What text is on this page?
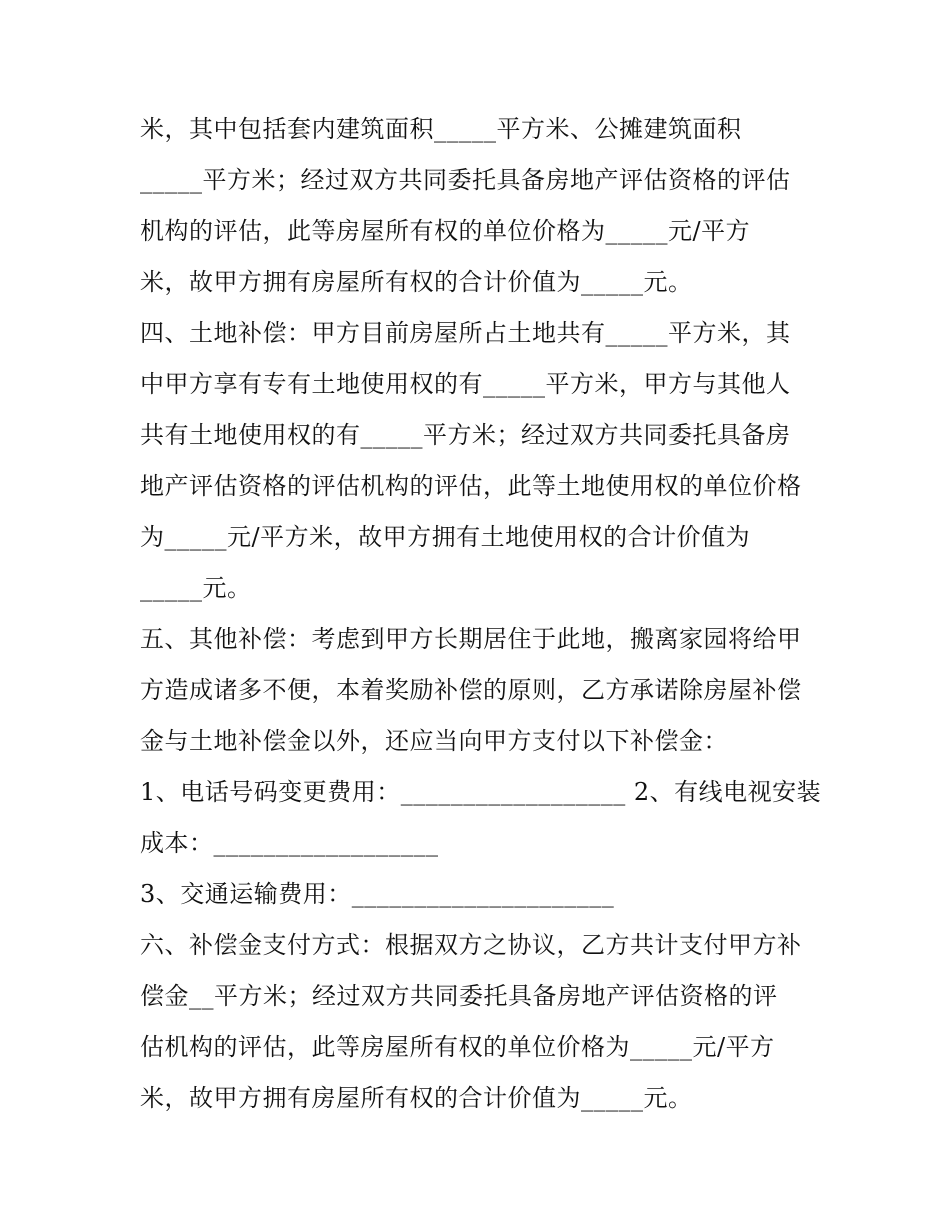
米，其中包括套内建筑面积_____平方米、公摊建筑面积
_____平方米；经过双方共同委托具备房地产评估资格的评估
机构的评估，此等房屋所有权的单位价格为_____元/平方
米，故甲方拥有房屋所有权的合计价值为_____元。
四、土地补偿：甲方目前房屋所占土地共有_____平方米，其
中甲方享有专有土地使用权的有_____平方米，甲方与其他人
共有土地使用权的有_____平方米；经过双方共同委托具备房
地产评估资格的评估机构的评估，此等土地使用权的单位价格
为_____元/平方米，故甲方拥有土地使用权的合计价值为
_____元。
五、其他补偿：考虑到甲方长期居住于此地，搬离家园将给甲
方造成诸多不便，本着奖励补偿的原则，乙方承诺除房屋补偿
金与土地补偿金以外，还应当向甲方支付以下补偿金：
1、电话号码变更费用：__________________ 2、有线电视安装
成本：__________________
3、交通运输费用：_____________________
六、补偿金支付方式：根据双方之协议，乙方共计支付甲方补
偿金__平方米；经过双方共同委托具备房地产评估资格的评
估机构的评估，此等房屋所有权的单位价格为_____元/平方
米，故甲方拥有房屋所有权的合计价值为_____元。
